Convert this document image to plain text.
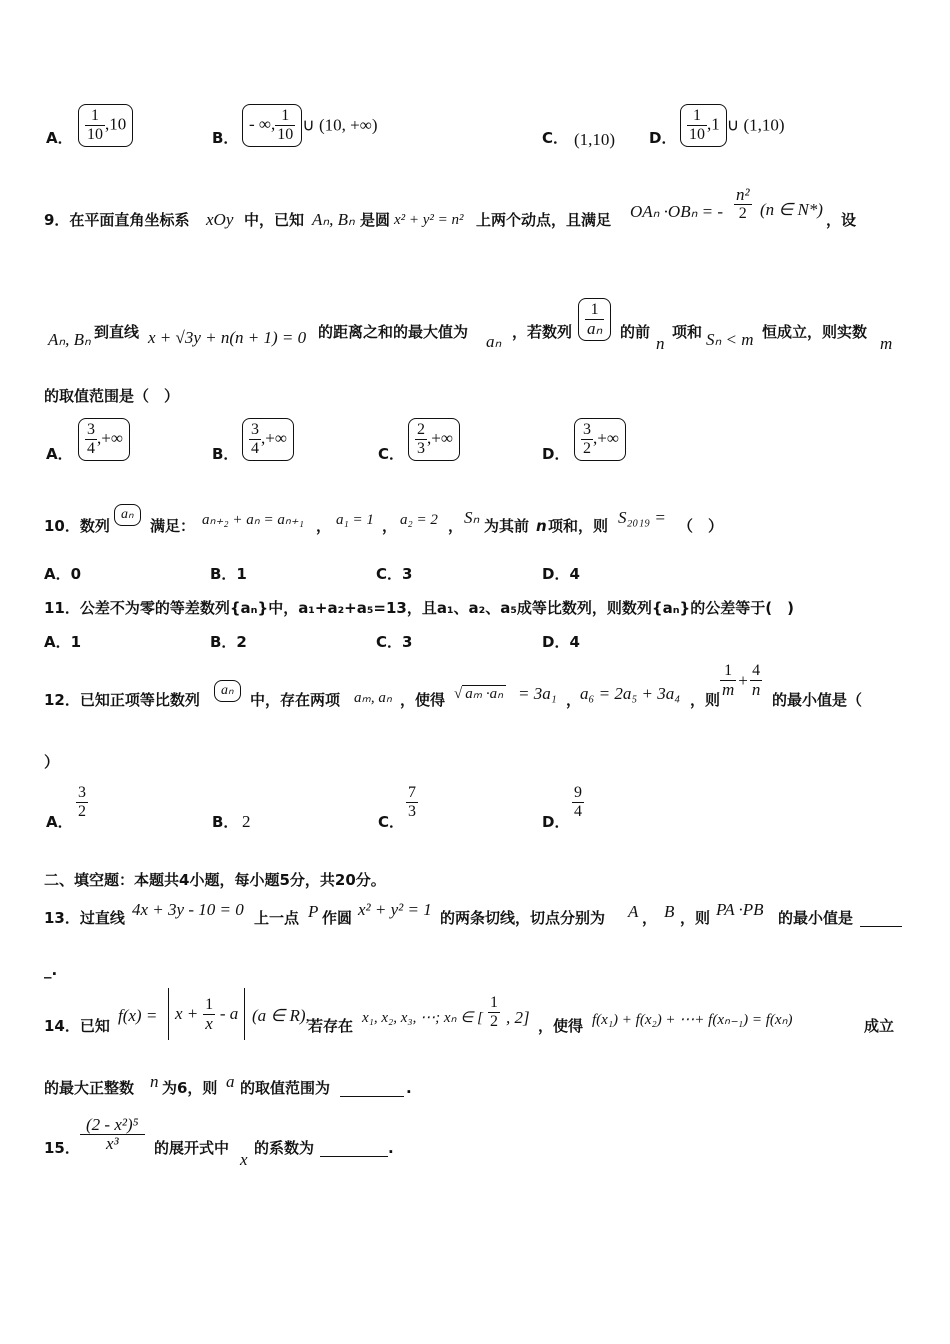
A． $\frac{1}{10} ,10$
B．
- ∞, $\frac{1}{10}$ ∪ (10, +∞)
C． (1,10) D． $\frac{1}{10} ,1$ ∪ (1,10)
9．在平面直角坐标系 xOy 中，已知 Aₙ, Bₙ 是圆 x² + y² = n² 上两个动点，且满足 OAₙ ·OBₙ = - $\frac{\text{n²}}{2} (n$ ∈ N*)
，设
Aₙ, Bₙ 到直线 x + √3y + n(n + 1) = 0 的距离之和的最大值为 aₙ ，若数列 $\frac{1}{\text{aₙ}}$ 的前
n
项和 Sₙ < m 恒成立，则实数
m
的取值范围是（　）
A． $\frac{3}{4}$ ,+∞
B． $\frac{3}{4}$ ,+∞
C． $\frac{2}{3}$ ,+∞
D． $\frac{3}{2}$ ,+∞
10．数列
aₙ
满足： aₙ₊₂ + aₙ = aₙ₊₁ ， a₁ = 1 ， a₂ = 2 ， Sₙ 为其前 n 项和，则 S₂₀₁₉ = （　）
A．0	B．1	C．3	D．4
11．公差不为零的等差数列{aₙ}中，a₁+a₂+a₅=13，且a₁、a₂、a₅成等比数列，则数列{aₙ}的公差等于(　)
A．1	B．2	C．3	D．4
12．已知正项等比数列
aₙ
中，存在两项 aₘ, aₙ ，使得 √ aₘ ·aₙ = 3a₁ ，
a₆ = 2a₅ + 3a₄ ，则
$\frac{1}{m} + \frac{4}{n}$
的最小值是（
）
A．
$\frac{3}{2}$
B． 2	C．
$\frac{7}{3}$
D．
$\frac{9}{4}$
二、填空题：本题共4小题，每小题5分，共20分。
13．过直线 4x + 3y - 10 = 0 上一点 P 作圆 x² + y² = 1 的两条切线，切点分别为 A ， B ，则 PA ·PB 的最小值是
_.
14．已知
f(x) =	$x + \frac{1}{x} - a$ (a ∈ R),
若存在 x₁, x₂, x₃, ⋯; xₙ ∈ [ $\frac{1}{2}$ , 2] ，使得 f(x₁) + f(x₂) + ⋯+ f(xₙ₋₁) = f(xₙ)	成立
的最大正整数 n 为6，则 a 的取值范围为	.
15． $\frac{\text{(2 - x²)⁵}}{\text{x³}}$ 的展开式中
x
的系数为	.
